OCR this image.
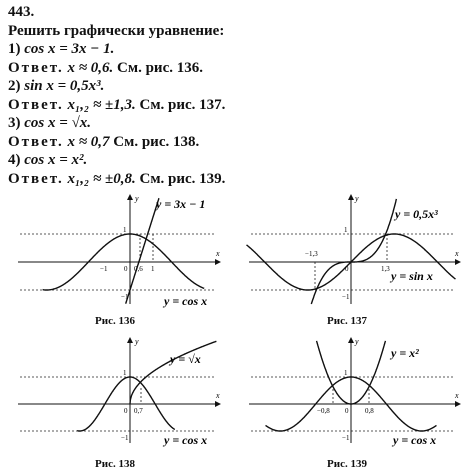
443.
Решить графически уравнение:
1) cos x = 3x − 1.
Ответ. x ≈ 0,6. См. рис. 136.
2) sin x = 0,5x³.
Ответ. x₁,₂ ≈ ±1,3. См. рис. 137.
3) cos x = √x.
Ответ. x ≈ 0,7 См. рис. 138.
4) cos x = x².
Ответ. x₁,₂ ≈ ±0,8. См. рис. 139.
x
y y = 3x − 1
y = cos x
−1	0,6 1
1
−1
0
Рис. 136
x
y
y = 0,5x³
y = sin x
−1,3
1,3
1
−1
0
Рис. 137
x
y
y = √x
y = cos x
0,7
1
−1
0
Рис. 138
x
y
y = x²
y = cos x
−0,8	0,8
1
−1
0
Рис. 139
